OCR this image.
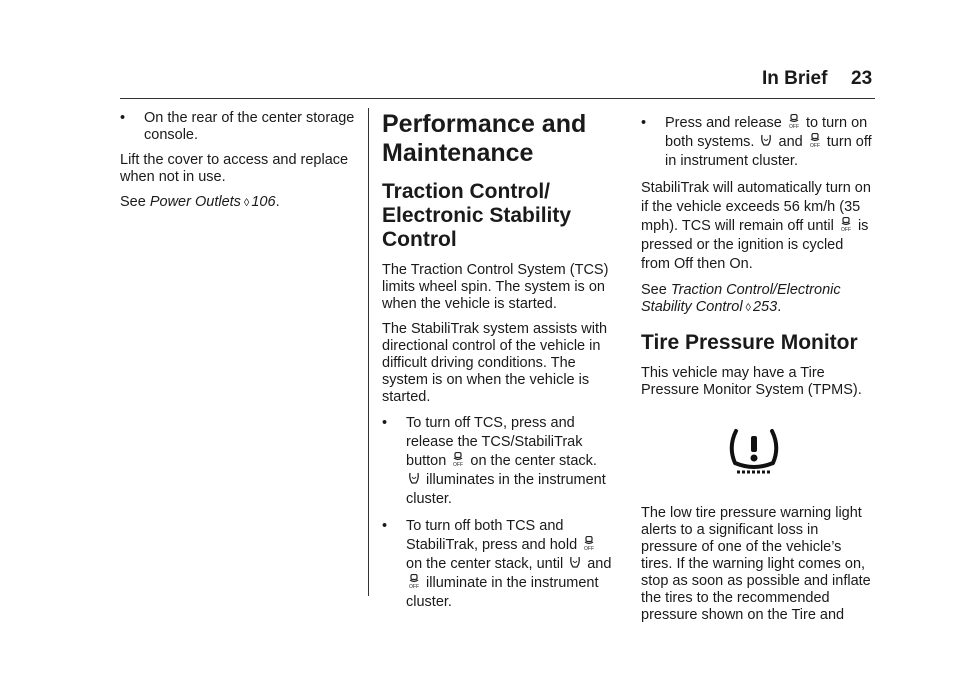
In Brief 23
•	On the rear of the center storage console.

Lift the cover to access and replace when not in use.

See Power Outlets ◊ 106.

Performance and Maintenance
Traction Control/ Electronic Stability Control

The Traction Control System (TCS) limits wheel spin. The system is on when the vehicle is started.

The StabiliTrak system assists with directional control of the vehicle in difficult driving conditions. The system is on when the vehicle is started.

•	To turn off TCS, press and release the TCS/StabiliTrak button OFF on the center stack.  illuminates in the instrument cluster.
•	To turn off both TCS and StabiliTrak, press and hold OFF
on the center stack, until and
OFF illuminate in the instrument cluster.
•	Press and release OFF to turn on both systems. and OFF turn off in instrument cluster.

StabiliTrak will automatically turn on if the vehicle exceeds 56 km/h (35 mph). TCS will remain off until OFF is pressed or the ignition is cycled from Off then On.

See Traction Control/Electronic Stability Control ◊ 253.

Tire Pressure Monitor

This vehicle may have a Tire Pressure Monitor System (TPMS).

The low tire pressure warning light alerts to a significant loss in pressure of one of the vehicle’s tires. If the warning light comes on, stop as soon as possible and inflate the tires to the recommended pressure shown on the Tire and
